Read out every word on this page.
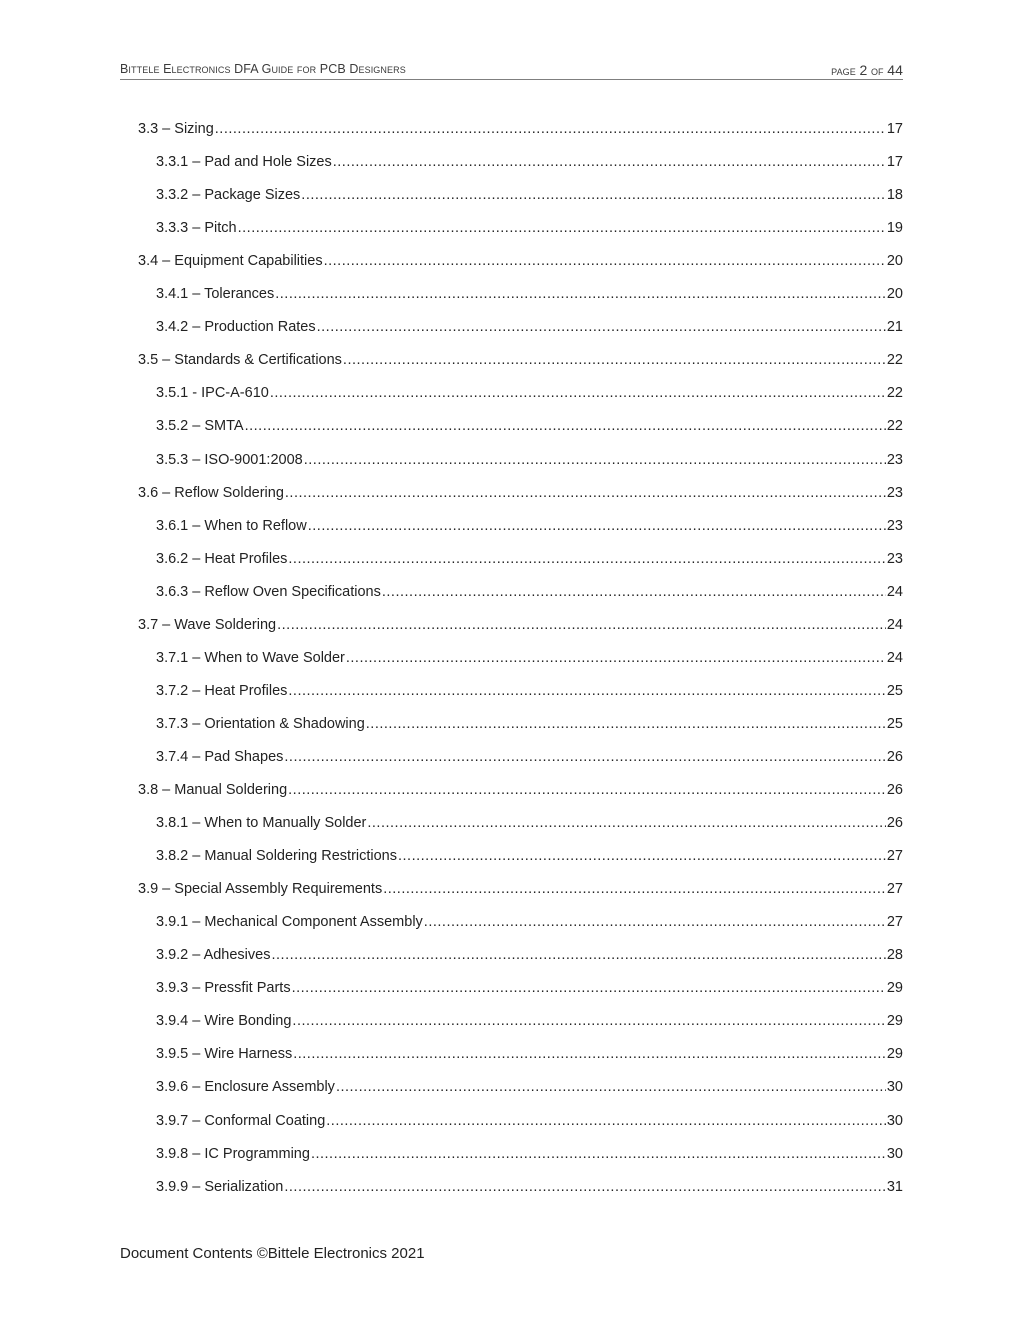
Bittele Electronics DFA Guide for PCB Designers	page 2 of 44
3.3 – Sizing .....	17
3.3.1 – Pad and Hole Sizes .....	17
3.3.2 – Package Sizes .....	18
3.3.3 – Pitch .....	19
3.4 – Equipment Capabilities .....	20
3.4.1 – Tolerances .....	20
3.4.2 – Production Rates .....	21
3.5 – Standards & Certifications .....	22
3.5.1 - IPC-A-610 .....	22
3.5.2 – SMTA .....	22
3.5.3 – ISO-9001:2008 .....	23
3.6 – Reflow Soldering .....	23
3.6.1 – When to Reflow .....	23
3.6.2 – Heat Profiles .....	23
3.6.3 – Reflow Oven Specifications .....	24
3.7 – Wave Soldering .....	24
3.7.1 – When to Wave Solder .....	24
3.7.2 – Heat Profiles .....	25
3.7.3 – Orientation & Shadowing .....	25
3.7.4 – Pad Shapes .....	26
3.8 – Manual Soldering .....	26
3.8.1 – When to Manually Solder .....	26
3.8.2 – Manual Soldering Restrictions .....	27
3.9 – Special Assembly Requirements .....	27
3.9.1 – Mechanical Component Assembly .....	27
3.9.2 – Adhesives .....	28
3.9.3 – Pressfit Parts .....	29
3.9.4 – Wire Bonding .....	29
3.9.5 – Wire Harness .....	29
3.9.6 – Enclosure Assembly .....	30
3.9.7 – Conformal Coating .....	30
3.9.8 – IC Programming .....	30
3.9.9 – Serialization .....	31
Document Contents ©Bittele Electronics 2021
